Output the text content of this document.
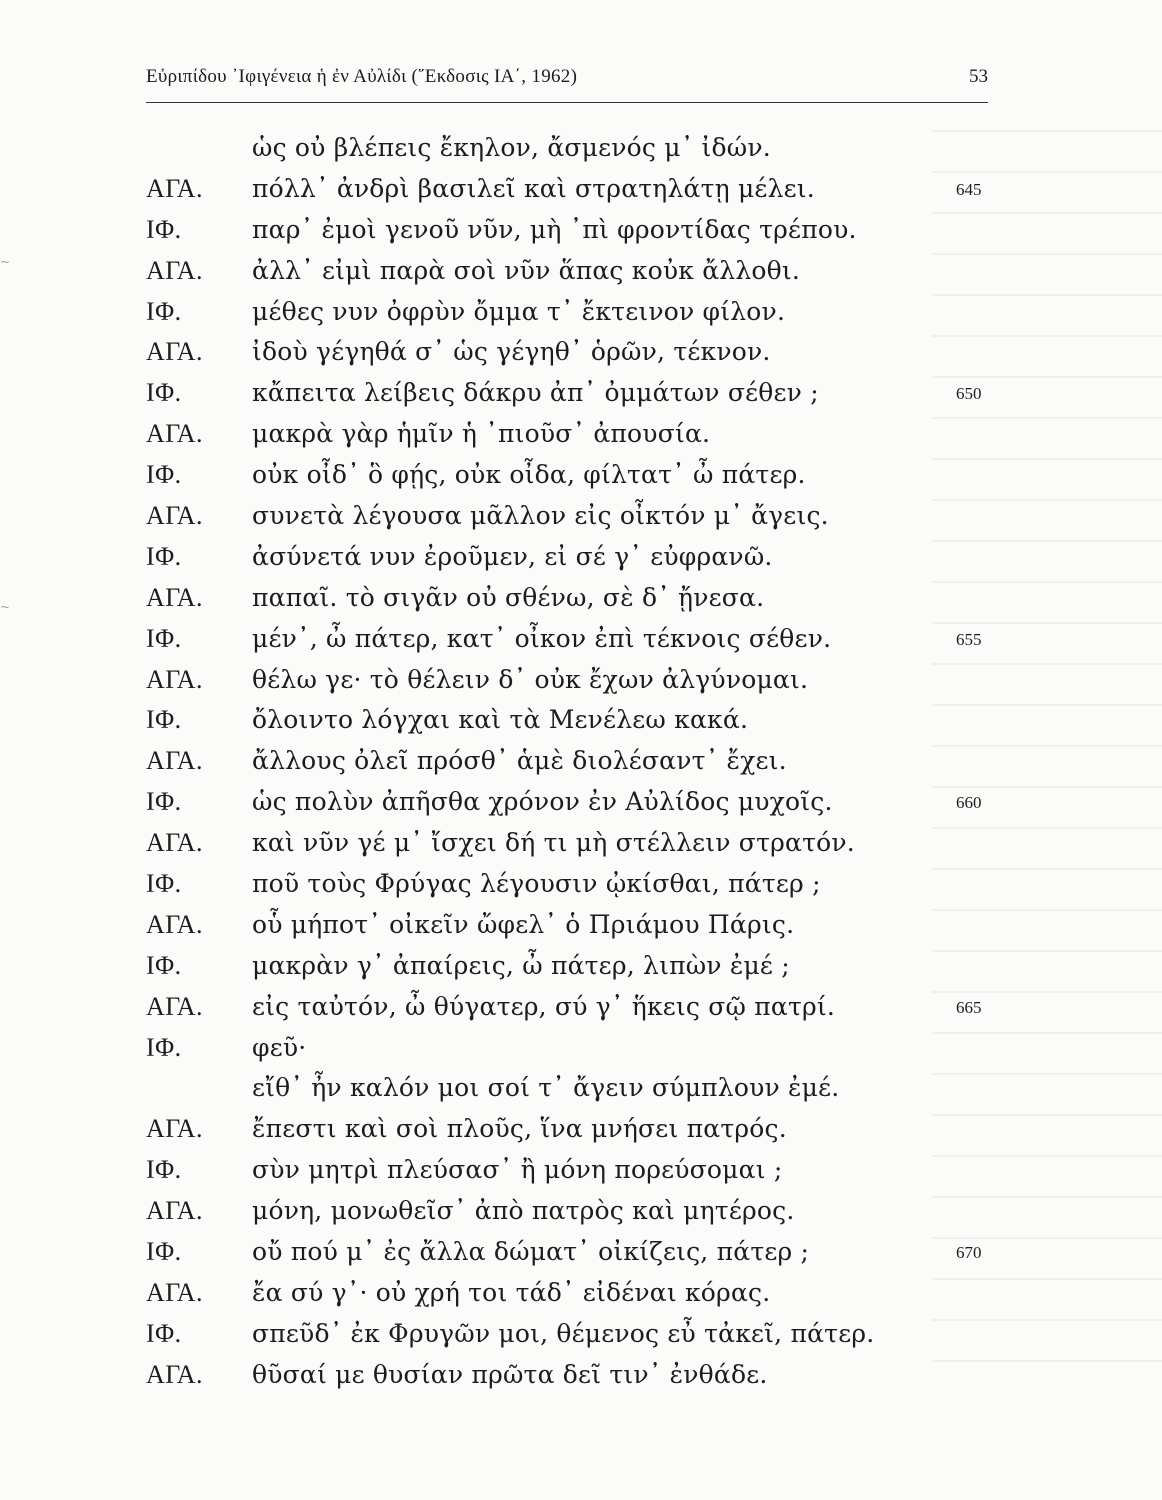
~
~
Εὐριπίδου ᾿Ιφιγένεια ἡ ἐν Αὐλίδι (῞Εκδοσις ΙΑ΄, 1962)	53
ὡς οὐ βλέπεις ἔκηλον, ἄσμενός μ᾿ ἰδών.
ΑΓΑ. πόλλ᾿ ἀνδρὶ βασιλεῖ καὶ στρατηλάτῃ μέλει.	645
ΙΦ.	παρ᾿ ἐμοὶ γενοῦ νῦν, μὴ ᾿πὶ φροντίδας τρέπου.
ΑΓΑ. ἀλλ᾿ εἰμὶ παρὰ σοὶ νῦν ἅπας κοὐκ ἄλλοθι.
ΙΦ.	μέθες νυν ὀφρὺν ὄμμα τ᾿ ἔκτεινον φίλον.
ΑΓΑ. ἰδοὺ γέγηθά σ᾿ ὡς γέγηθ᾿ ὁρῶν, τέκνον.
ΙΦ.	κἄπειτα λείβεις δάκρυ ἀπ᾿ ὀμμάτων σέθεν ;	650
ΑΓΑ. μακρὰ γὰρ ἡμῖν ἡ ᾿πιοῦσ᾿ ἀπουσία.
ΙΦ.	οὐκ οἶδ᾿ ὃ φῄς, οὐκ οἶδα, φίλτατ᾿ ὦ πάτερ.
ΑΓΑ. συνετὰ λέγουσα μᾶλλον εἰς οἶκτόν μ᾿ ἄγεις.
ΙΦ.	ἀσύνετά νυν ἐροῦμεν, εἰ σέ γ᾿ εὐφρανῶ.
ΑΓΑ. παπαῖ. τὸ σιγᾶν οὐ σθένω, σὲ δ᾿ ᾔνεσα.
ΙΦ.	μέν᾿, ὦ πάτερ, κατ᾿ οἶκον ἐπὶ τέκνοις σέθεν.	655
ΑΓΑ. θέλω γε· τὸ θέλειν δ᾿ οὐκ ἔχων ἀλγύνομαι.
ΙΦ.	ὄλοιντο λόγχαι καὶ τὰ Μενέλεω κακά.
ΑΓΑ. ἄλλους ὀλεῖ πρόσθ᾿ ἁμὲ διολέσαντ᾿ ἔχει.
ΙΦ.	ὡς πολὺν ἀπῆσθα χρόνον ἐν Αὐλίδος μυχοῖς.	660
ΑΓΑ. καὶ νῦν γέ μ᾿ ἴσχει δή τι μὴ στέλλειν στρατόν.
ΙΦ.	ποῦ τοὺς Φρύγας λέγουσιν ᾠκίσθαι, πάτερ ;
ΑΓΑ. οὗ μήποτ᾿ οἰκεῖν ὤφελ᾿ ὁ Πριάμου Πάρις.
ΙΦ.	μακρὰν γ᾿ ἀπαίρεις, ὦ πάτερ, λιπὼν ἐμέ ;
ΑΓΑ. εἰς ταὐτόν, ὦ θύγατερ, σύ γ᾿ ἥκεις σῷ πατρί.	665
ΙΦ.	φεῦ·
εἴθ᾿ ἦν καλόν μοι σοί τ᾿ ἄγειν σύμπλουν ἐμέ.
ΑΓΑ. ἔπεστι καὶ σοὶ πλοῦς, ἵνα μνήσει πατρός.
ΙΦ.	σὺν μητρὶ πλεύσασ᾿ ἢ μόνη πορεύσομαι ;
ΑΓΑ. μόνη, μονωθεῖσ᾿ ἀπὸ πατρὸς καὶ μητέρος.
ΙΦ.	οὔ πού μ᾿ ἐς ἄλλα δώματ᾿ οἰκίζεις, πάτερ ;	670
ΑΓΑ. ἔα σύ γ᾿· οὐ χρή τοι τάδ᾿ εἰδέναι κόρας.
ΙΦ.	σπεῦδ᾿ ἐκ Φρυγῶν μοι, θέμενος εὖ τἀκεῖ, πάτερ.
ΑΓΑ. θῦσαί με θυσίαν πρῶτα δεῖ τιν᾿ ἐνθάδε.
